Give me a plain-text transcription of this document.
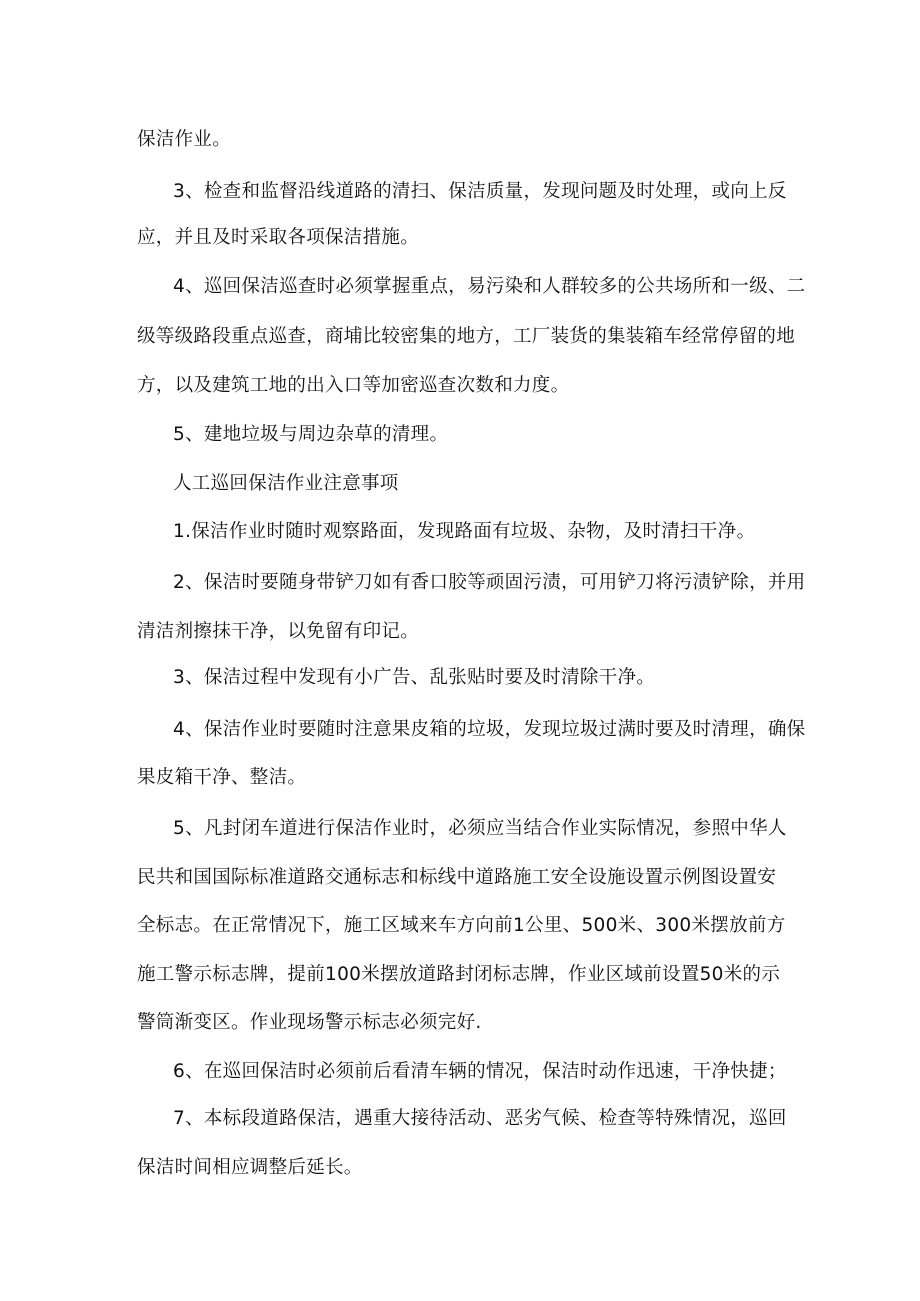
保洁作业。
3、检查和监督沿线道路的清扫、保洁质量，发现问题及时处理，或向上反
应，并且及时采取各项保洁措施。
4、巡回保洁巡查时必须掌握重点，易污染和人群较多的公共场所和一级、二
级等级路段重点巡查，商埔比较密集的地方，工厂装货的集装箱车经常停留的地
方，以及建筑工地的出入口等加密巡查次数和力度。
5、建地垃圾与周边杂草的清理。
人工巡回保洁作业注意事项
1.保洁作业时随时观察路面，发现路面有垃圾、杂物，及时清扫干净。
2、保洁时要随身带铲刀如有香口胶等顽固污渍，可用铲刀将污渍铲除，并用
清洁剂擦抹干净，以免留有印记。
3、保洁过程中发现有小广告、乱张贴时要及时清除干净。
4、保洁作业时要随时注意果皮箱的垃圾，发现垃圾过满时要及时清理，确保
果皮箱干净、整洁。
5、凡封闭车道进行保洁作业时，必须应当结合作业实际情况，参照中华人
民共和国国际标准道路交通标志和标线中道路施工安全设施设置示例图设置安
全标志。在正常情况下，施工区域来车方向前1公里、500米、300米摆放前方
施工警示标志牌，提前100米摆放道路封闭标志牌，作业区域前设置50米的示
警筒渐变区。作业现场警示标志必须完好.
6、在巡回保洁时必须前后看清车辆的情况，保洁时动作迅速，干净快捷；
7、本标段道路保洁，遇重大接待活动、恶劣气候、检查等特殊情况，巡回
保洁时间相应调整后延长。
